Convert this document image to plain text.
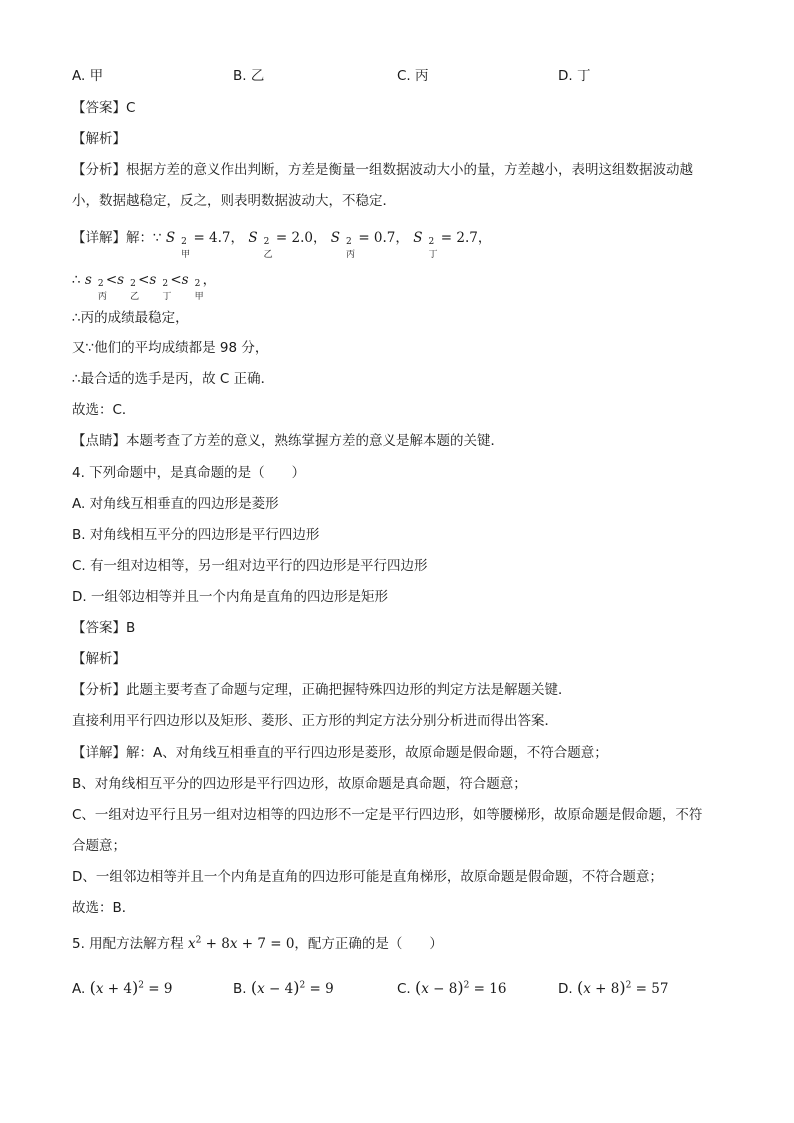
A. 甲	B. 乙	C. 丙	D. 丁
【答案】C
【解析】
【分析】根据方差的意义作出判断，方差是衡量一组数据波动大小的量，方差越小，表明这组数据波动越
小，数据越稳定，反之，则表明数据波动大，不稳定．
【详解】解：∵ S 2
甲
= 4.7， S 2
乙
= 2.0， S 2
丙
= 0.7， S 2
丁
= 2.7，
∴ s 2
丙
<s 2
乙
<s 2
丁
<s 2
甲
，
∴丙的成绩最稳定，
又∵他们的平均成绩都是 98 分，
∴最合适的选手是丙，故 C 正确．
故选：C．
【点睛】本题考查了方差的意义，熟练掌握方差的意义是解本题的关键．
4. 下列命题中，是真命题的是（　　）
A. 对角线互相垂直的四边形是菱形
B. 对角线相互平分的四边形是平行四边形
C. 有一组对边相等，另一组对边平行的四边形是平行四边形
D. 一组邻边相等并且一个内角是直角的四边形是矩形
【答案】B
【解析】
【分析】此题主要考查了命题与定理，正确把握特殊四边形的判定方法是解题关键．
直接利用平行四边形以及矩形、菱形、正方形的判定方法分别分析进而得出答案．
【详解】解：A、对角线互相垂直的平行四边形是菱形，故原命题是假命题，不符合题意；
B、对角线相互平分的四边形是平行四边形，故原命题是真命题，符合题意；
C、一组对边平行且另一组对边相等的四边形不一定是平行四边形，如等腰梯形，故原命题是假命题，不符
合题意；
D、一组邻边相等并且一个内角是直角的四边形可能是直角梯形，故原命题是假命题，不符合题意；
故选：B．
5. 用配方法解方程 $x^2 + 8x + 7 = 0$，配方正确的是（　　）
A. $(x + 4)^2 = 9$	B. $(x - 4)^2 = 9$	C. $(x - 8)^2 = 16$	D. $(x + 8)^2 = 57$
